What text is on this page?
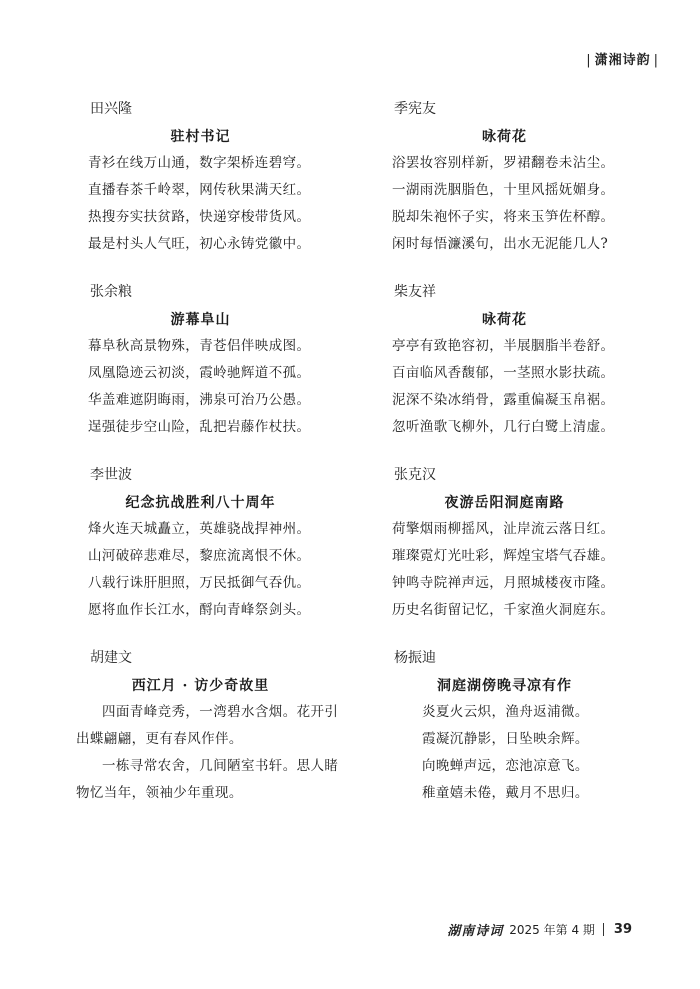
| 潇湘诗韵 |
田兴隆
驻村书记
青衫在线万山通，数字架桥连碧穹。
直播春茶千岭翠，网传秋果满天红。
热搜夯实扶贫路，快递穿梭带货风。
最是村头人气旺，初心永铸党徽中。
张余粮
游幕阜山
幕阜秋高景物殊，青苍侣伴映成图。
凤凰隐迹云初淡，霞岭驰辉道不孤。
华盖难遮阴晦雨，沸泉可治乃公愚。
逞强徒步空山险，乱把岩藤作杖扶。
李世波
纪念抗战胜利八十周年
烽火连天城矗立，英雄骁战捍神州。
山河破碎悲难尽，黎庶流离恨不休。
八载行诛肝胆照，万民抵御气吞仇。
愿将血作长江水，酹向青峰祭剑头。
胡建文
西江月 · 访少奇故里
四面青峰竞秀，一湾碧水含烟。花开引
出蝶翩翩，更有春风作伴。
一栋寻常农舍，几间陋室书轩。思人睹
物忆当年，领袖少年重现。
季宪友
咏荷花
浴罢妆容别样新，罗裙翻卷未沾尘。
一湖雨洗胭脂色，十里风摇妩媚身。
脱却朱袍怀子实，将来玉笋佐杯醇。
闲时每悟濂溪句，出水无泥能几人?
柴友祥
咏荷花
亭亭有致艳容初，半展胭脂半卷舒。
百亩临风香馥郁，一茎照水影扶疏。
泥深不染冰绡骨，露重偏凝玉帛裾。
忽听渔歌飞柳外，几行白鹭上清虚。
张克汉
夜游岳阳洞庭南路
荷擎烟雨柳摇风，沚岸流云落日红。
璀璨霓灯光吐彩，辉煌宝塔气吞雄。
钟鸣寺院禅声远，月照城楼夜市隆。
历史名街留记忆，千家渔火洞庭东。
杨振迪
洞庭湖傍晚寻凉有作
炎夏火云炽，渔舟返浦微。
霞凝沉静影，日坠映余辉。
向晚蝉声远，恋池凉意飞。
稚童嬉未倦，戴月不思归。
湖南诗词 2025 年第 4 期 39
